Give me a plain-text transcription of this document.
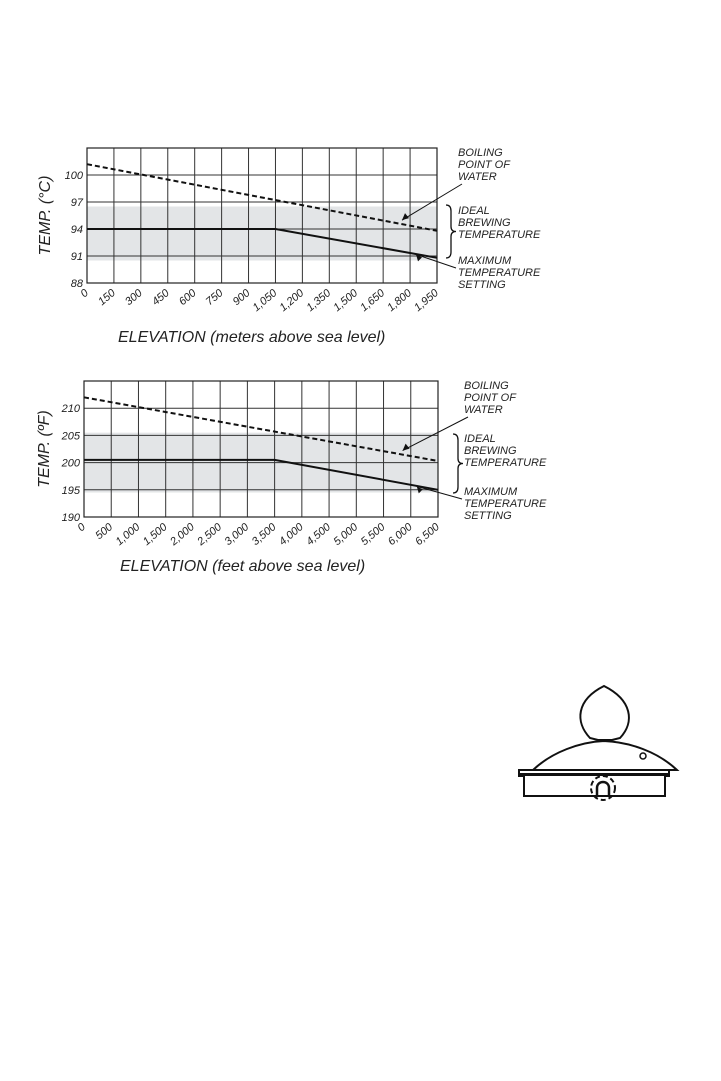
88
91
94
97
100
0 150 300 450 600 750 900
1,050
1,200
1,350
1,500
1,650
1,800
1,950
ELEVATION (meters above sea level)
TEMP. (°C)
BOILING
POINT OF
WATER
IDEAL
BREWING
TEMPERATURE
MAXIMUM
TEMPERATURE
SETTING
190
195
200
205
210
0 500
1,000
1,500
2,000
2,500
3,000
3,500
4,000
4,500
5,000
5,500
6,000
6,500
ELEVATION (feet above sea level)
TEMP. (ºF)
BOILING
POINT OF
WATER
IDEAL
BREWING
TEMPERATURE
MAXIMUM
TEMPERATURE
SETTING
